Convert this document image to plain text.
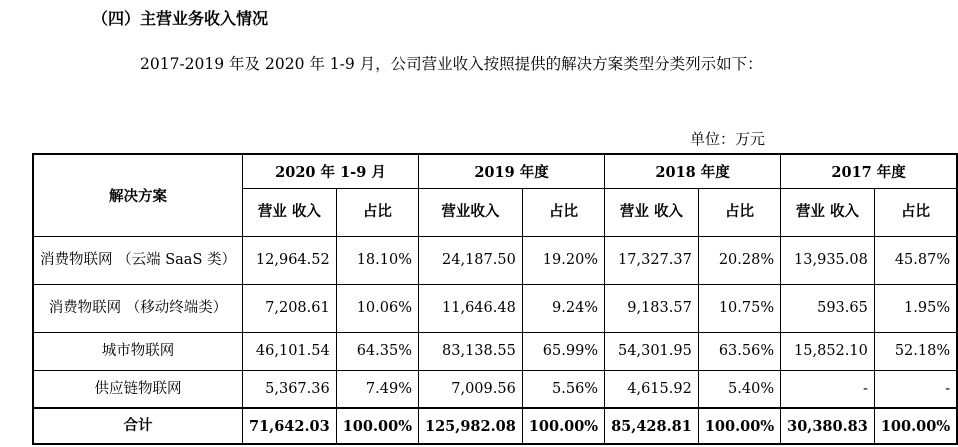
（四）主营业务收入情况
2017-2019 年及 2020 年 1-9 月，公司营业收入按照提供的解决方案类型分类列示如下：
单位：万元
解决方案	2020 年 1-9 月		2019 年度		2018 年度		2017 年度	
	营业 收入	占比	营业收入	占比	营业 收入	占比	营业 收入	占比
消费物联网 （云端 SaaS 类）	12,964.52	18.10%	24,187.50	19.20%	17,327.37	20.28%	13,935.08	45.87%
消费物联网 （移动终端类）	7,208.61	10.06%	11,646.48	9.24%	9,183.57	10.75%	593.65	1.95%
城市物联网	46,101.54	64.35%	83,138.55	65.99%	54,301.95	63.56%	15,852.10	52.18%
供应链物联网	5,367.36	7.49%	7,009.56	5.56%	4,615.92	5.40%	-	-
合计	71,642.03	100.00%	125,982.08	100.00%	85,428.81	100.00%	30,380.83	100.00%
